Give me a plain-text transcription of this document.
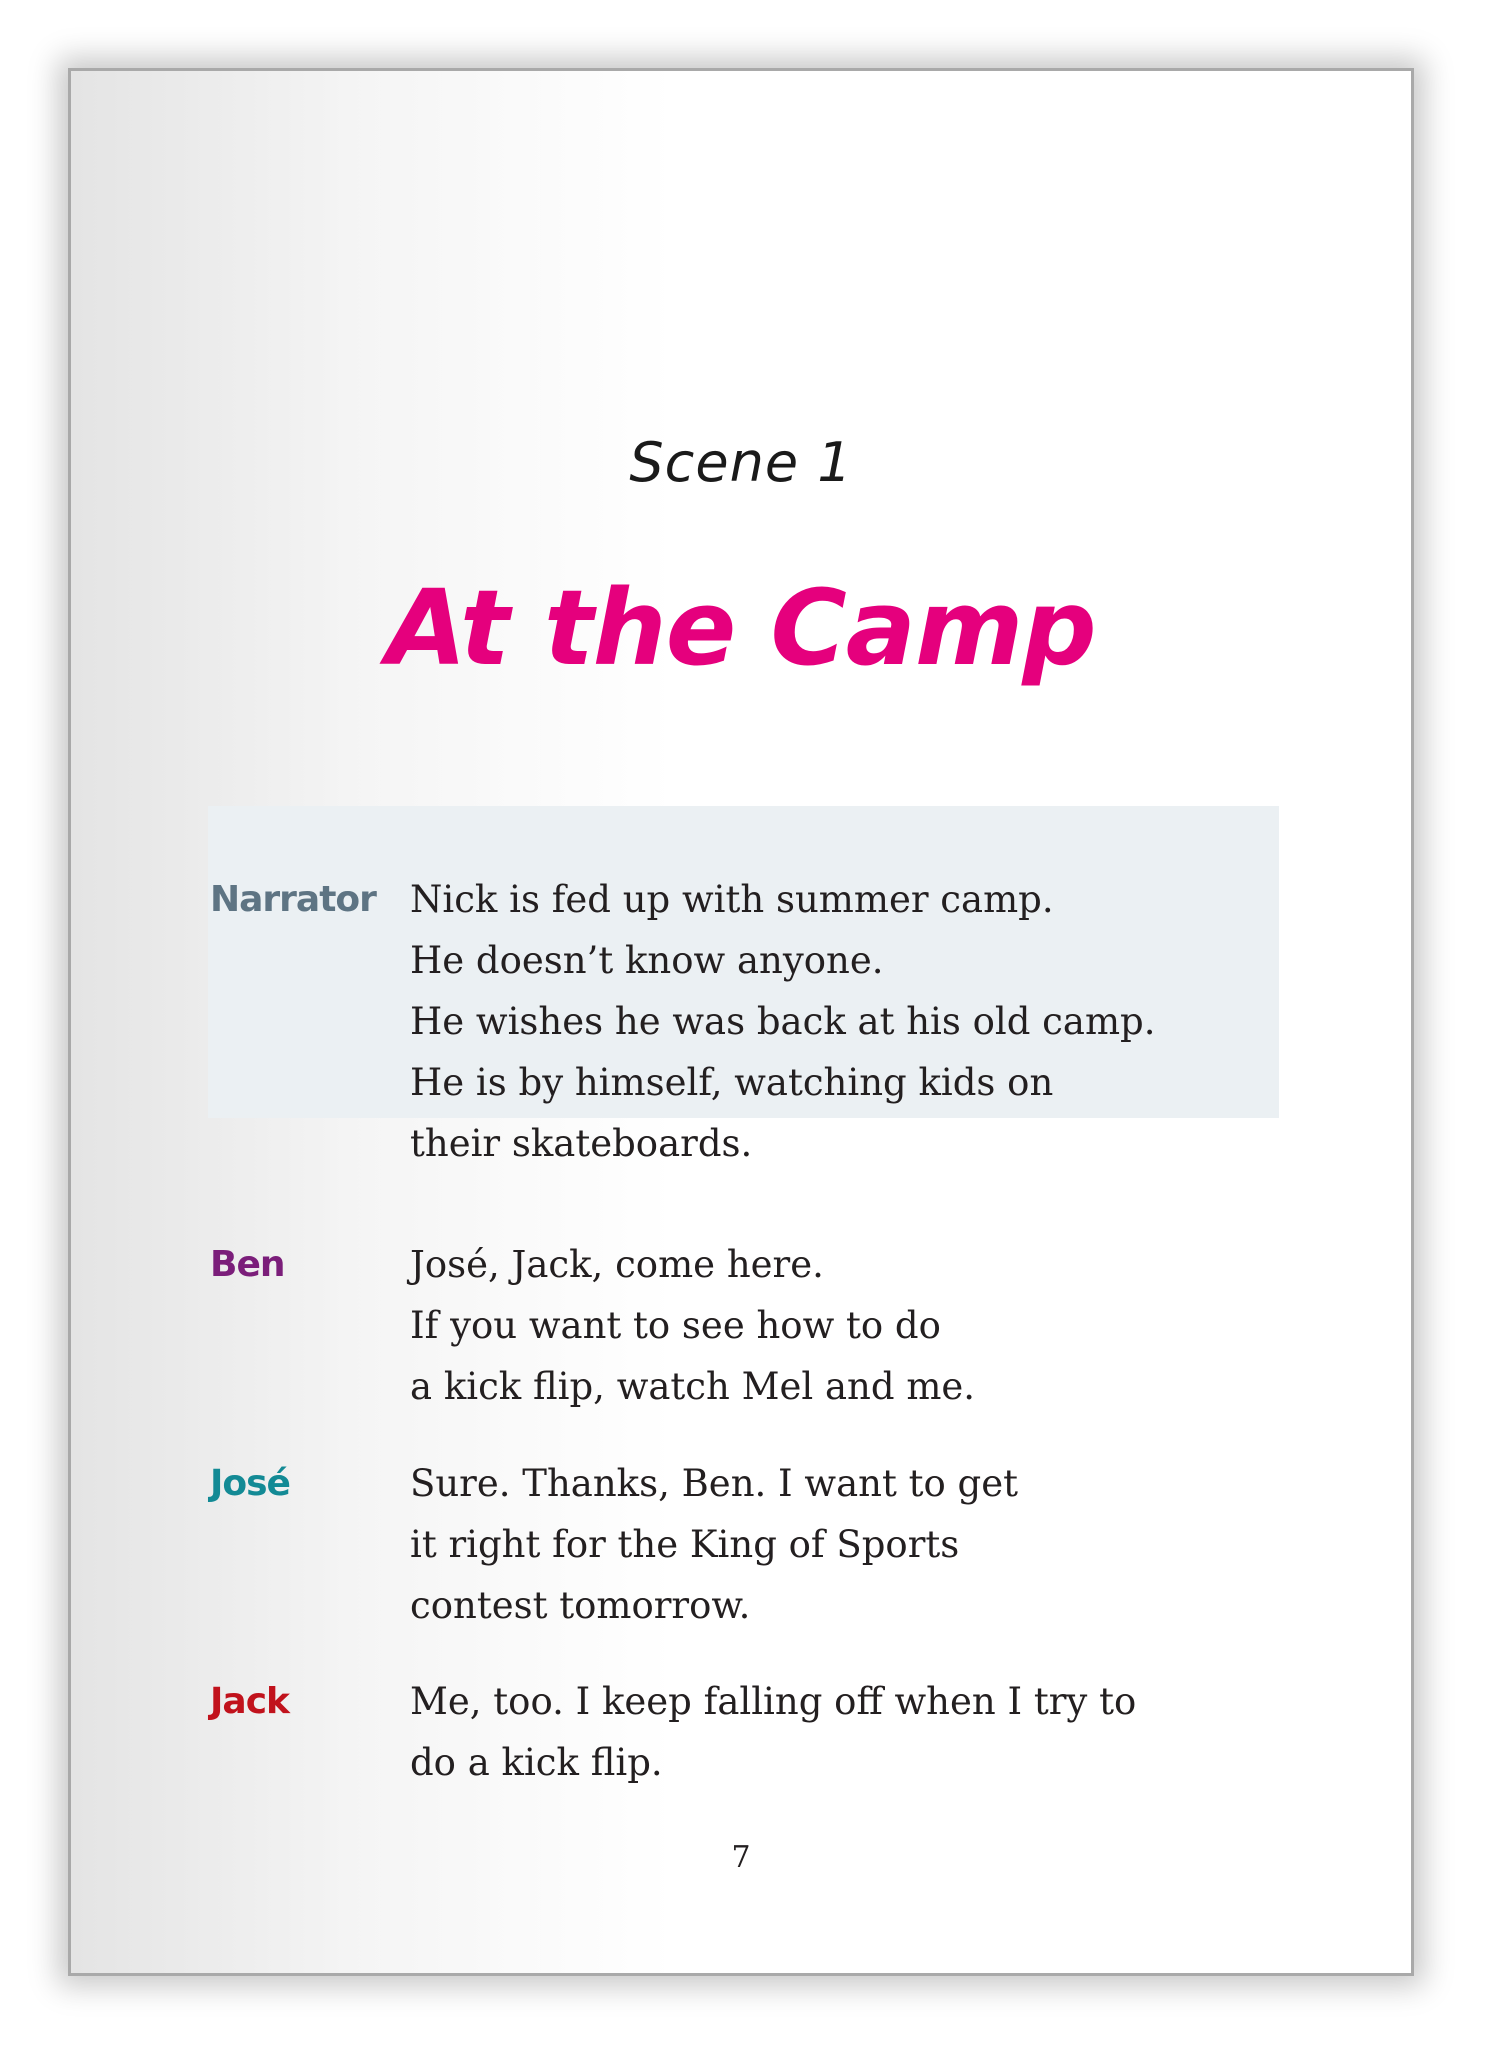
Scene 1
At the Camp
Narrator Nick is fed up with summer camp.
He doesn’t know anyone.
He wishes he was back at his old camp.
He is by himself, watching kids on
their skateboards.
Ben	José, Jack, come here.
If you want to see how to do
a kick flip, watch Mel and me.
José	Sure. Thanks, Ben. I want to get
it right for the King of Sports
contest tomorrow.
Jack	Me, too. I keep falling off when I try to
do a kick flip.
7
